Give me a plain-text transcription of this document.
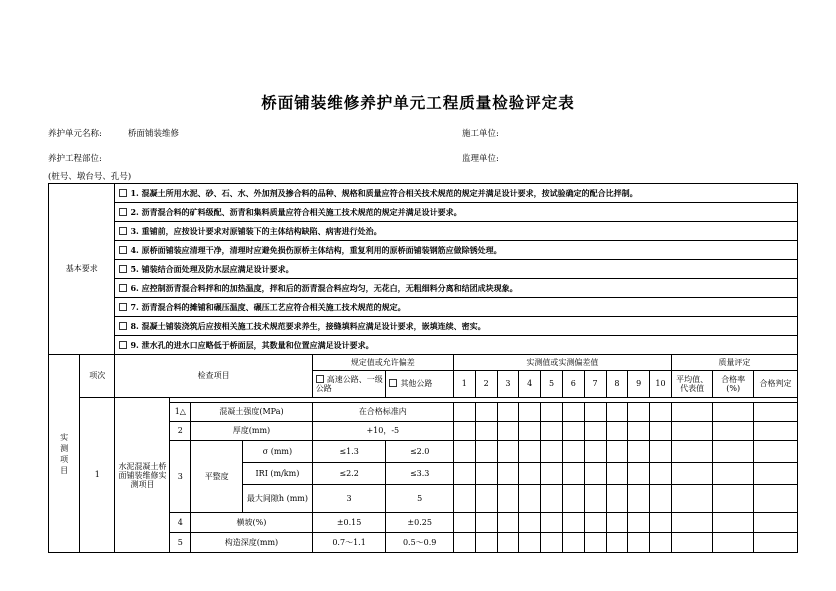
桥面铺装维修养护单元工程质量检验评定表
养护单元名称:	桥面铺装维修	施工单位:
养护工程部位:	监理单位:
(桩号、墩台号、孔号)
基本要求		1. 混凝土所用水泥、砂、石、水、外加剂及掺合料的品种、规格和质量应符合相关技术规范的规定并满足设计要求，按试验确定的配合比拌制。																		
		2. 沥青混合料的矿料级配、沥青和集料质量应符合相关施工技术规范的规定并满足设计要求。																		
		3. 重铺前，应按设计要求对原铺装下的主体结构缺陷、病害进行处治。																		
		4. 原桥面铺装应清理干净，清理时应避免损伤原桥主体结构，重复利用的原桥面铺装钢筋应做除锈处理。																		
		5. 铺装结合面处理及防水层应满足设计要求。																		
		6. 应控制沥青混合料拌和的加热温度，拌和后的沥青混合料应均匀，无花白，无粗细料分离和结团成块现象。																		
		7. 沥青混合料的摊铺和碾压温度、碾压工艺应符合相关施工技术规范的规定。																		
		8. 混凝土铺装浇筑后应按相关施工技术规范要求养生，接缝填料应满足设计要求，嵌填连续、密实。																		
		9. 泄水孔的进水口应略低于桥面层，其数量和位置应满足设计要求。																		

实测项目	项次	检查项目				规定值或允许偏差		实测值或实测偏差值										质量评定		
						高速公路、一级公路	其他公路	1	2	3	4	5	6	7	8	9	10	平均值、代表值	合格率(%)	合格判定
	1	水泥混凝土桥面铺装维修实测项目																		
			1△	混凝土强度(MPa)		在合格标准内														
			2	厚度(mm)		+10，-5														
			3	平整度	σ (mm)	≤1.3	≤2.0													
					IRI (m/km)	≤2.2	≤3.3													
					最大间隙h (mm)	3	5													
			4	横坡(%)		±0.15	±0.25													
			5	构造深度(mm)		0.7～1.1	0.5～0.9													
